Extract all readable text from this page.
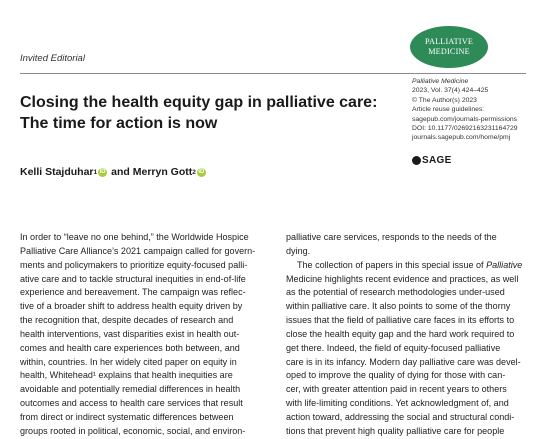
Invited Editorial
PALLIATIVE
MEDICINE
Closing the health equity gap in palliative care:
The time for action is now
Palliative Medicine
2023, Vol. 37(4) 424–425
© The Author(s) 2023
Article reuse guidelines:
sagepub.com/journals-permissions
DOI: 10.1177/02692163231164729
journals.sagepub.com/home/pmj
SAGE
Kelli Stajduhar 1 iD and
Merryn Gott 2 iD
In order to “leave no one behind,” the Worldwide Hospice
Palliative Care Alliance’s 2021 campaign called for govern-
ments and policymakers to prioritize equity-focused palli-
ative care and to tackle structural inequities in end-of-life
experience and bereavement. The campaign was reflec-
tive of a broader shift to address health equity driven by
the recognition that, despite decades of research and
health interventions, vast disparities exist in health out-
comes and health care experiences both between, and
within, countries. In her widely cited paper on equity in
health, Whitehead¹ explains that health inequities are
avoidable and potentially remedial differences in health
outcomes and access to health care services that result
from direct or indirect systematic differences between
groups rooted in political, economic, social, and environ-
palliative care services, responds to the needs of the
dying.
The collection of papers in this special issue of Palliative
Medicine highlights recent evidence and practices, as well
as the potential of research methodologies under-used
within palliative care. It also points to some of the thorny
issues that the field of palliative care faces in its efforts to
close the health equity gap and the hard work required to
get there. Indeed, the field of equity-focused palliative
care is in its infancy. Modern day palliative care was devel-
oped to improve the quality of dying for those with can-
cer, with greater attention paid in recent years to others
with life-limiting conditions. Yet acknowledgment of, and
action toward, addressing the social and structural condi-
tions that prevent high quality palliative care for people
